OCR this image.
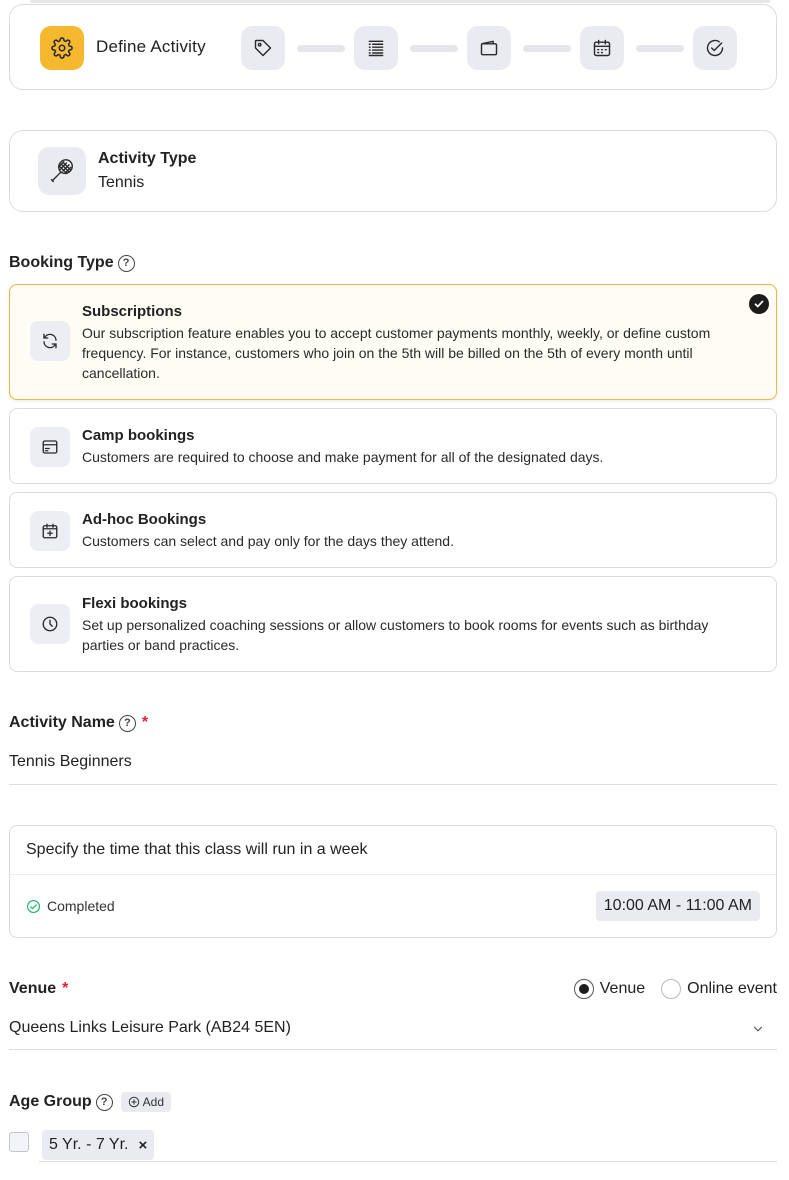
Define Activity
Activity Type
Tennis
Booking Type ?
Subscriptions
Our subscription feature enables you to accept customer payments monthly, weekly, or define custom frequency. For instance, customers who join on the 5th will be billed on the 5th of every month until cancellation.
Camp bookings
Customers are required to choose and make payment for all of the designated days.
Ad-hoc Bookings
Customers can select and pay only for the days they attend.
Flexi bookings
Set up personalized coaching sessions or allow customers to book rooms for events such as birthday parties or band practices.
Activity Name ? *
Tennis Beginners
Specify the time that this class will run in a week
Completed	10:00 AM - 11:00 AM
Venue *	Venue	Online event
Queens Links Leisure Park (AB24 5EN)
Age Group ?	Add
5 Yr. - 7 Yr. ×
